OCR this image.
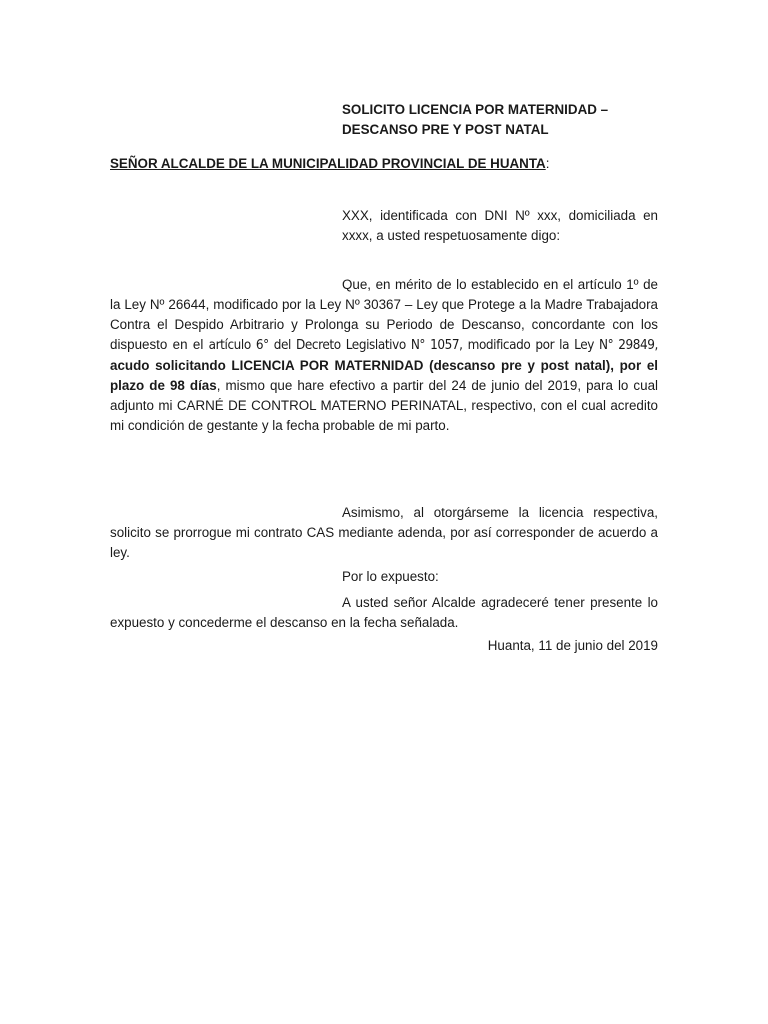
SOLICITO LICENCIA POR MATERNIDAD –
DESCANSO PRE Y POST NATAL
SEÑOR ALCALDE DE LA MUNICIPALIDAD PROVINCIAL DE HUANTA:
XXX, identificada con DNI Nº xxx, domiciliada en xxxx, a usted respetuosamente digo:
Que, en mérito de lo establecido en el artículo 1º de la Ley Nº 26644, modificado por la Ley Nº 30367 – Ley que Protege a la Madre Trabajadora Contra el Despido Arbitrario y Prolonga su Periodo de Descanso, concordante con los dispuesto en el artículo 6° del Decreto Legislativo N° 1057, modificado por la Ley N° 29849, acudo solicitando LICENCIA POR MATERNIDAD (descanso pre y post natal), por el plazo de 98 días, mismo que hare efectivo a partir del 24 de junio del 2019, para lo cual adjunto mi CARNÉ DE CONTROL MATERNO PERINATAL, respectivo, con el cual acredito mi condición de gestante y la fecha probable de mi parto.
Asimismo, al otorgárseme la licencia respectiva, solicito se prorrogue mi contrato CAS mediante adenda, por así corresponder de acuerdo a ley.
Por lo expuesto:
A usted señor Alcalde agradeceré tener presente lo expuesto y concederme el descanso en la fecha señalada.
Huanta, 11 de junio del 2019
